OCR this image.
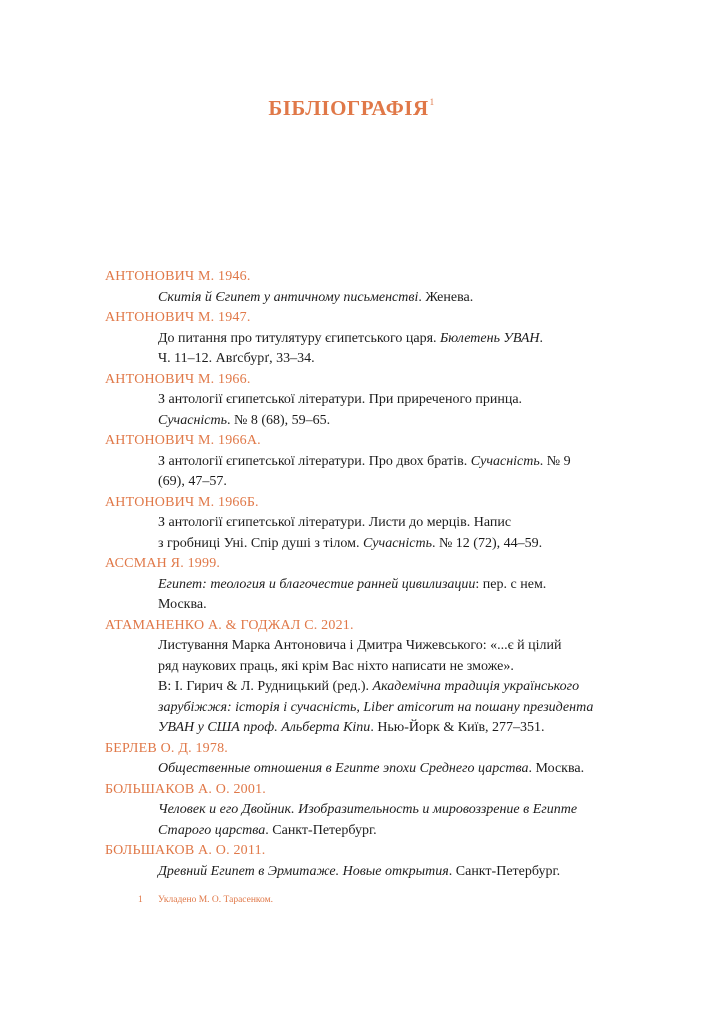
БІБЛІОГРАФІЯ$^1$
АНТОНОВИЧ М. 1946.

Скитія й Єгипет у античному письменстві. Женева.

АНТОНОВИЧ М. 1947.

До питання про титулятуру єгипетського царя. Бюлетень УВАН.

Ч. 11–12. Авґсбурґ, 33–34.

АНТОНОВИЧ М. 1966.

З антології єгипетської літератури. При приреченого принца.

Сучасність. № 8 (68), 59–65.

АНТОНОВИЧ М. 1966А.

З антології єгипетської літератури. Про двох братів. Сучасність. № 9

(69), 47–57.

АНТОНОВИЧ М. 1966Б.

З антології єгипетської літератури. Листи до мерців. Напис

з гробниці Уні. Спір душі з тілом. Сучасність. № 12 (72), 44–59.

АССМАН Я. 1999.

Египет: теология и благочестие ранней цивилизации: пер. с нем.

Москва.

АТАМАНЕНКО А. & ГОДЖАЛ С. 2021.

Листування Марка Антоновича і Дмитра Чижевського: «...є й цілий

ряд наукових праць, які крім Вас ніхто написати не зможе».

В: І. Гирич & Л. Рудницький (ред.). Академічна традиція українського

зарубіжжя: історія і сучасність, Liber amicorum на пошану президента

УВАН у США проф. Альберта Кіпи. Нью-Йорк & Київ, 277–351.

БЕРЛЕВ О. Д. 1978.

Общественные отношения в Египте эпохи Среднего царства. Москва.

БОЛЬШАКОВ А. О. 2001.

Человек и его Двойник. Изобразительность и мировоззрение в Египте

Старого царства. Санкт-Петербург.

БОЛЬШАКОВ А. О. 2011.

Древний Египет в Эрмитаже. Новые открытия. Санкт-Петербург.

1 Укладено М. О. Тарасенком.
